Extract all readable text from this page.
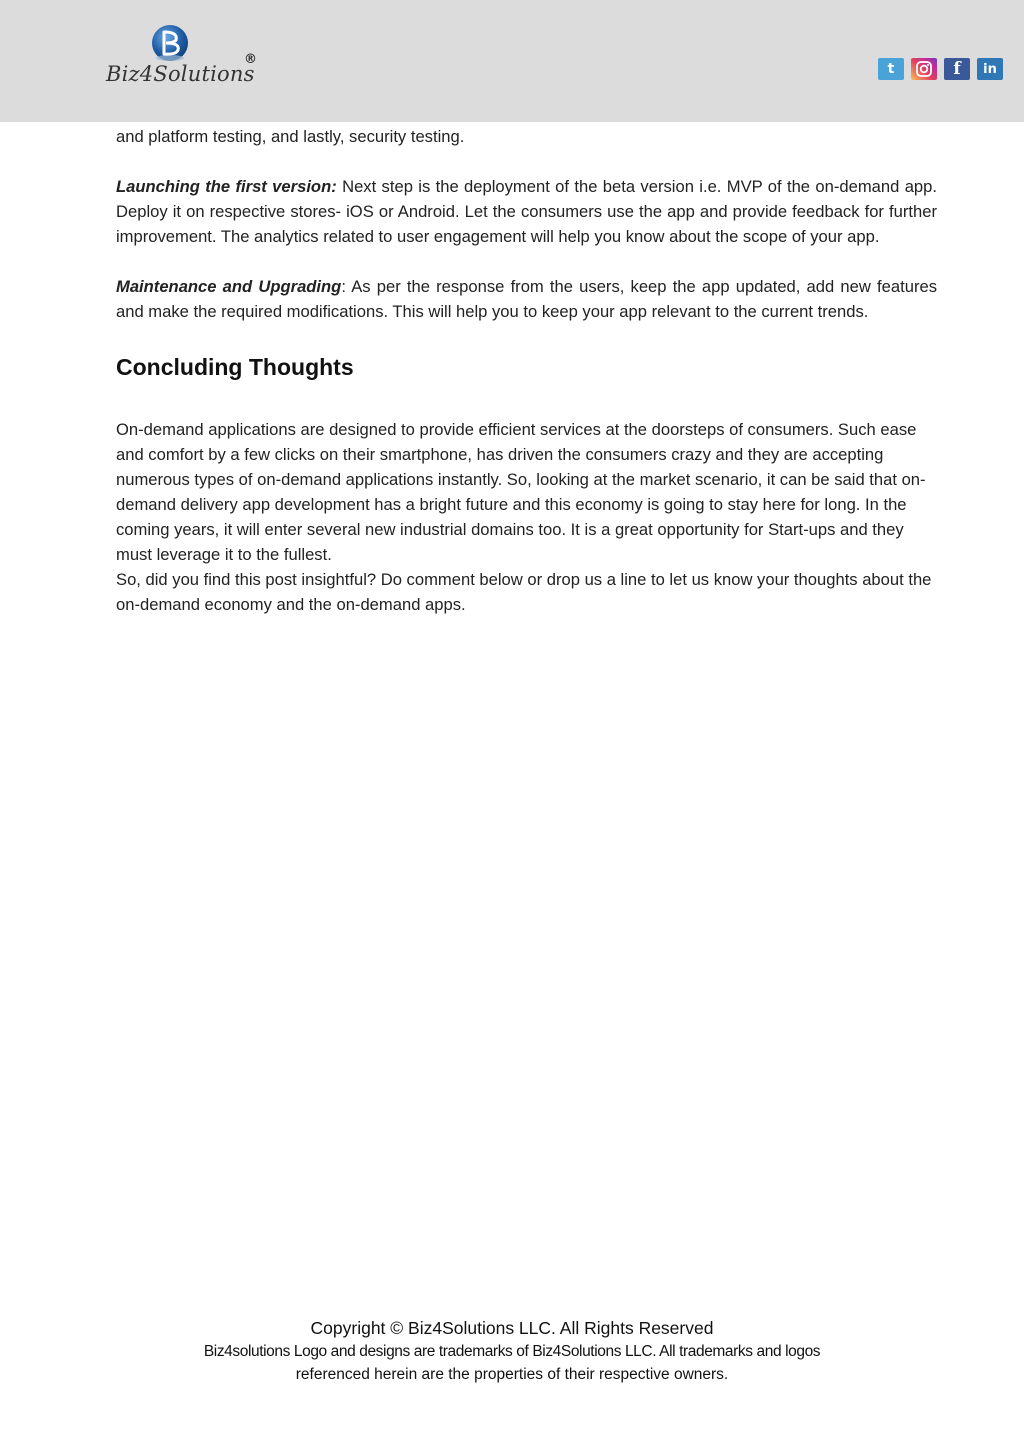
Biz4Solutions
®
t	f in

and platform testing, and lastly, security testing.

Launching the first version: Next step is the deployment of the beta version i.e. MVP of the on-demand app. Deploy it on respective stores- iOS or Android. Let the consumers use the app and provide feedback for further improvement. The analytics related to user engagement will help you know about the scope of your app.

Maintenance and Upgrading: As per the response from the users, keep the app updated, add new features and make the required modifications. This will help you to keep your app relevant to the current trends.

Concluding Thoughts

On-demand applications are designed to provide efficient services at the doorsteps of consumers. Such ease and comfort by a few clicks on their smartphone, has driven the consumers crazy and they are accepting numerous types of on-demand applications instantly. So, looking at the market scenario, it can be said that on-demand delivery app development has a bright future and this economy is going to stay here for long. In the coming years, it will enter several new industrial domains too. It is a great opportunity for Start-ups and they must leverage it to the fullest.

So, did you find this post insightful? Do comment below or drop us a line to let us know your thoughts about the on-demand economy and the on-demand apps.

Copyright © Biz4Solutions LLC. All Rights Reserved
Biz4solutions Logo and designs are trademarks of Biz4Solutions LLC. All trademarks and logos
referenced herein are the properties of their respective owners.
